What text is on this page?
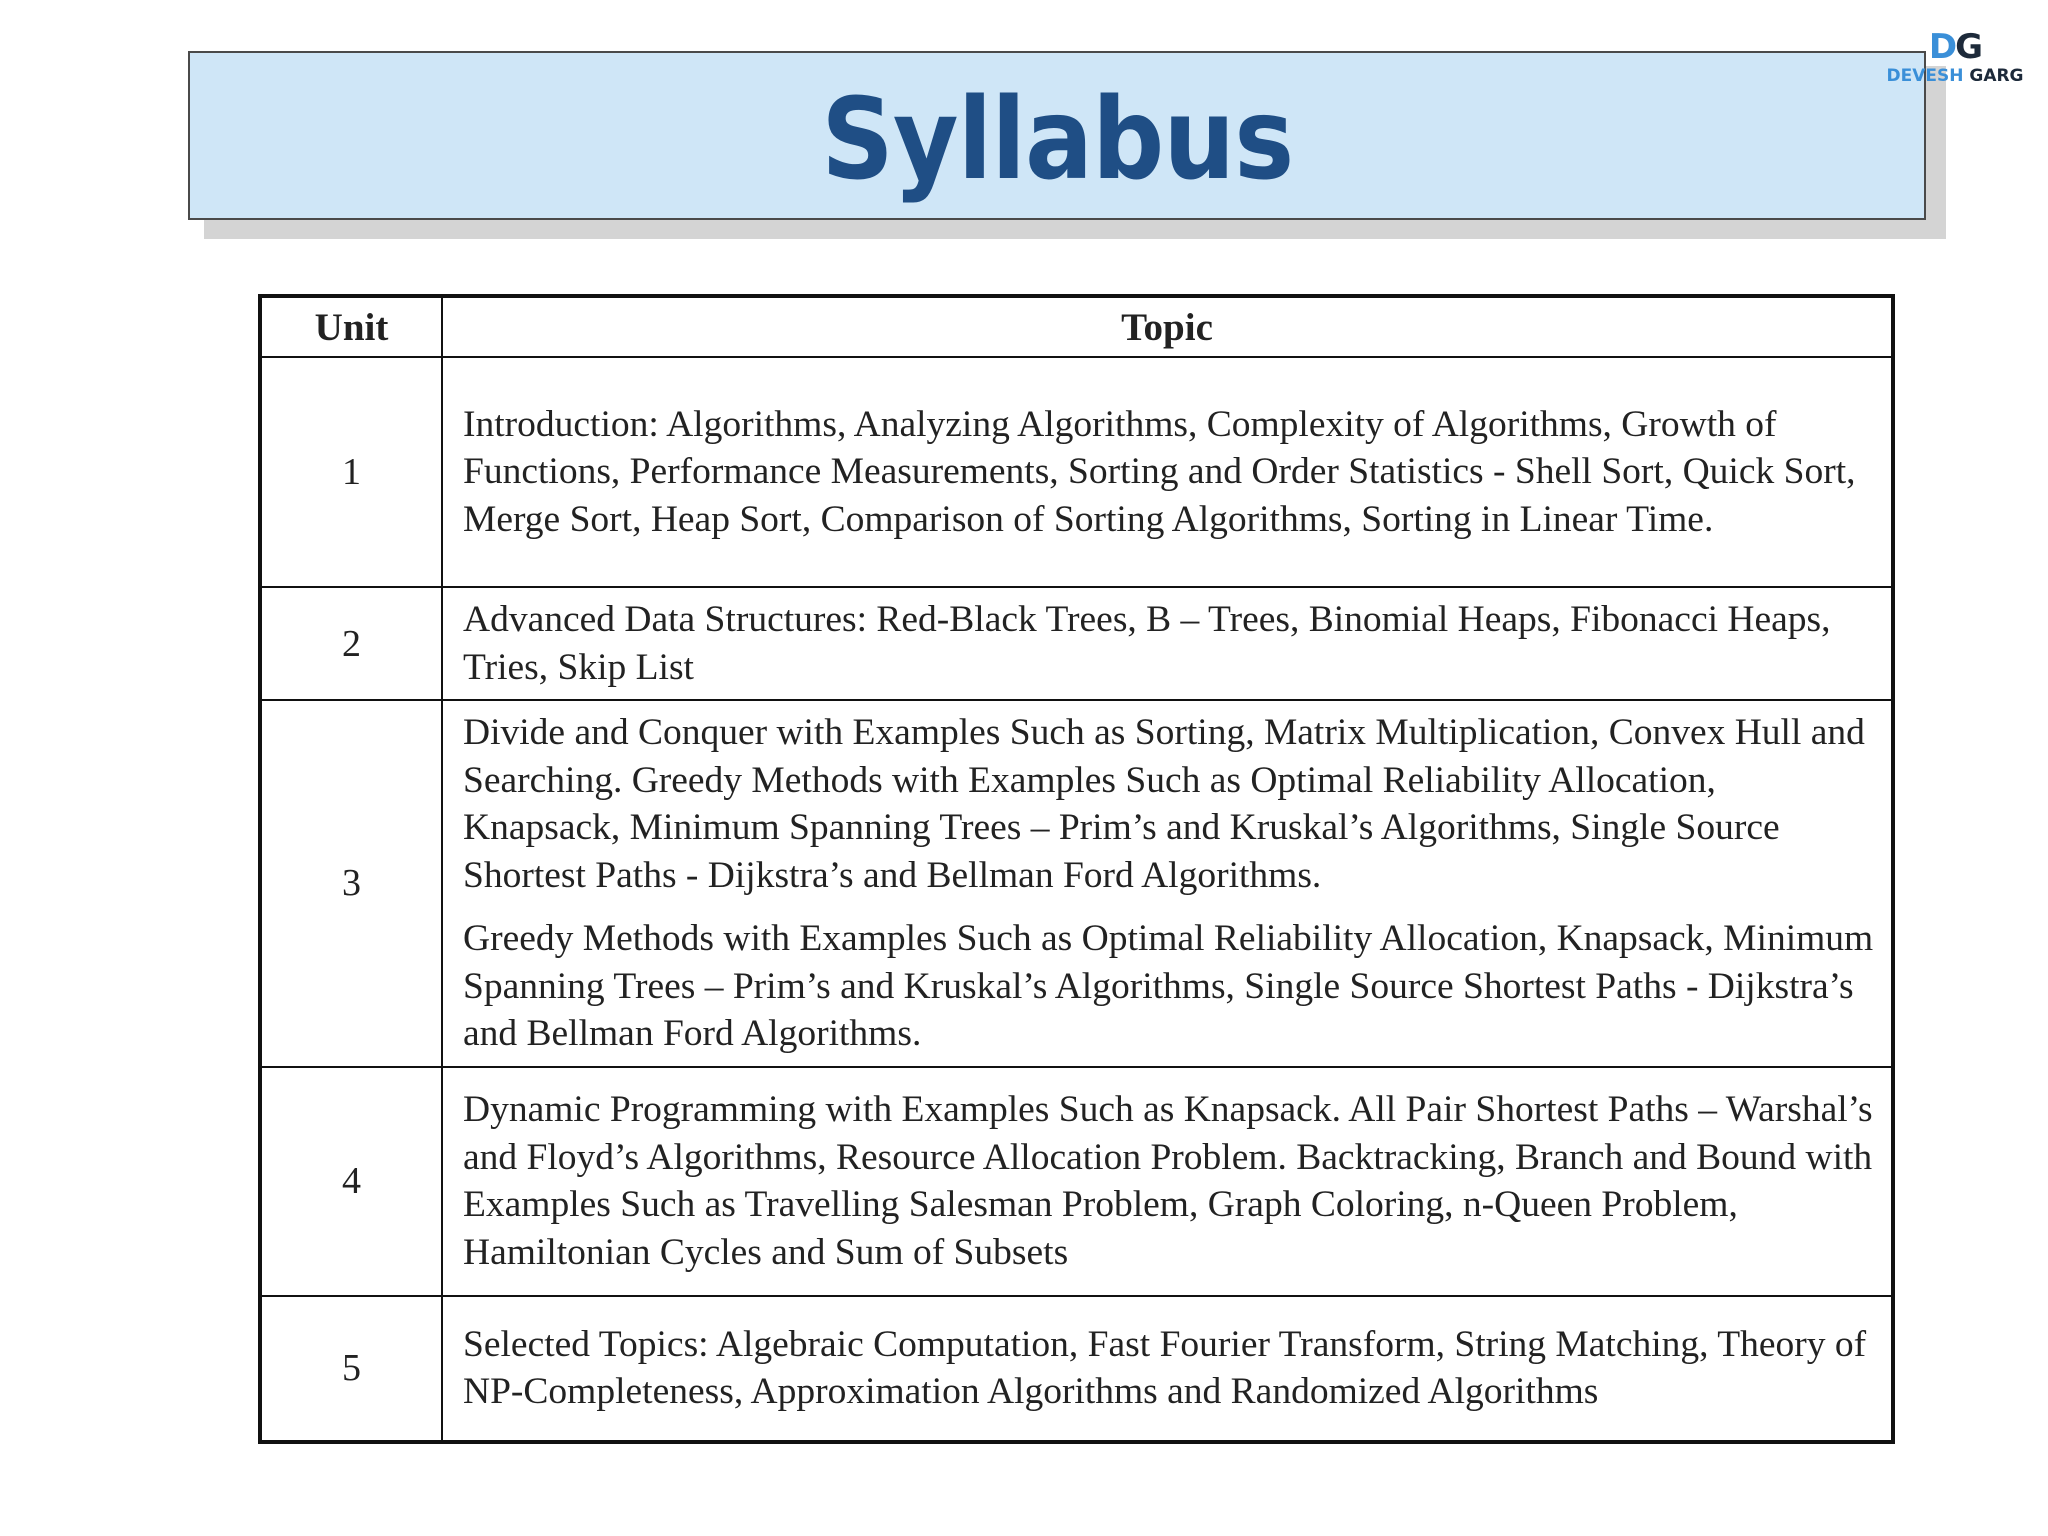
Syllabus
DG
DEVESH GARG
Unit	Topic
1	Introduction: Algorithms, Analyzing Algorithms, Complexity of Algorithms, Growth of Functions, Performance Measurements, Sorting and Order Statistics - Shell Sort, Quick Sort, Merge Sort, Heap Sort, Comparison of Sorting Algorithms, Sorting in Linear Time.

2	Advanced Data Structures: Red-Black Trees, B – Trees, Binomial Heaps, Fibonacci Heaps, Tries, Skip List

3	Divide and Conquer with Examples Such as Sorting, Matrix Multiplication, Convex Hull and Searching. Greedy Methods with Examples Such as Optimal Reliability Allocation, Knapsack, Minimum Spanning Trees – Prim’s and Kruskal’s Algorithms, Single Source Shortest Paths - Dijkstra’s and Bellman Ford Algorithms.

Greedy Methods with Examples Such as Optimal Reliability Allocation, Knapsack, Minimum Spanning Trees – Prim’s and Kruskal’s Algorithms, Single Source Shortest Paths - Dijkstra’s and Bellman Ford Algorithms.

4	Dynamic Programming with Examples Such as Knapsack. All Pair Shortest Paths – Warshal’s and Floyd’s Algorithms, Resource Allocation Problem. Backtracking, Branch and Bound with Examples Such as Travelling Salesman Problem, Graph Coloring, n-Queen Problem, Hamiltonian Cycles and Sum of Subsets

5	Selected Topics: Algebraic Computation, Fast Fourier Transform, String Matching, Theory of NP-Completeness, Approximation Algorithms and Randomized Algorithms
